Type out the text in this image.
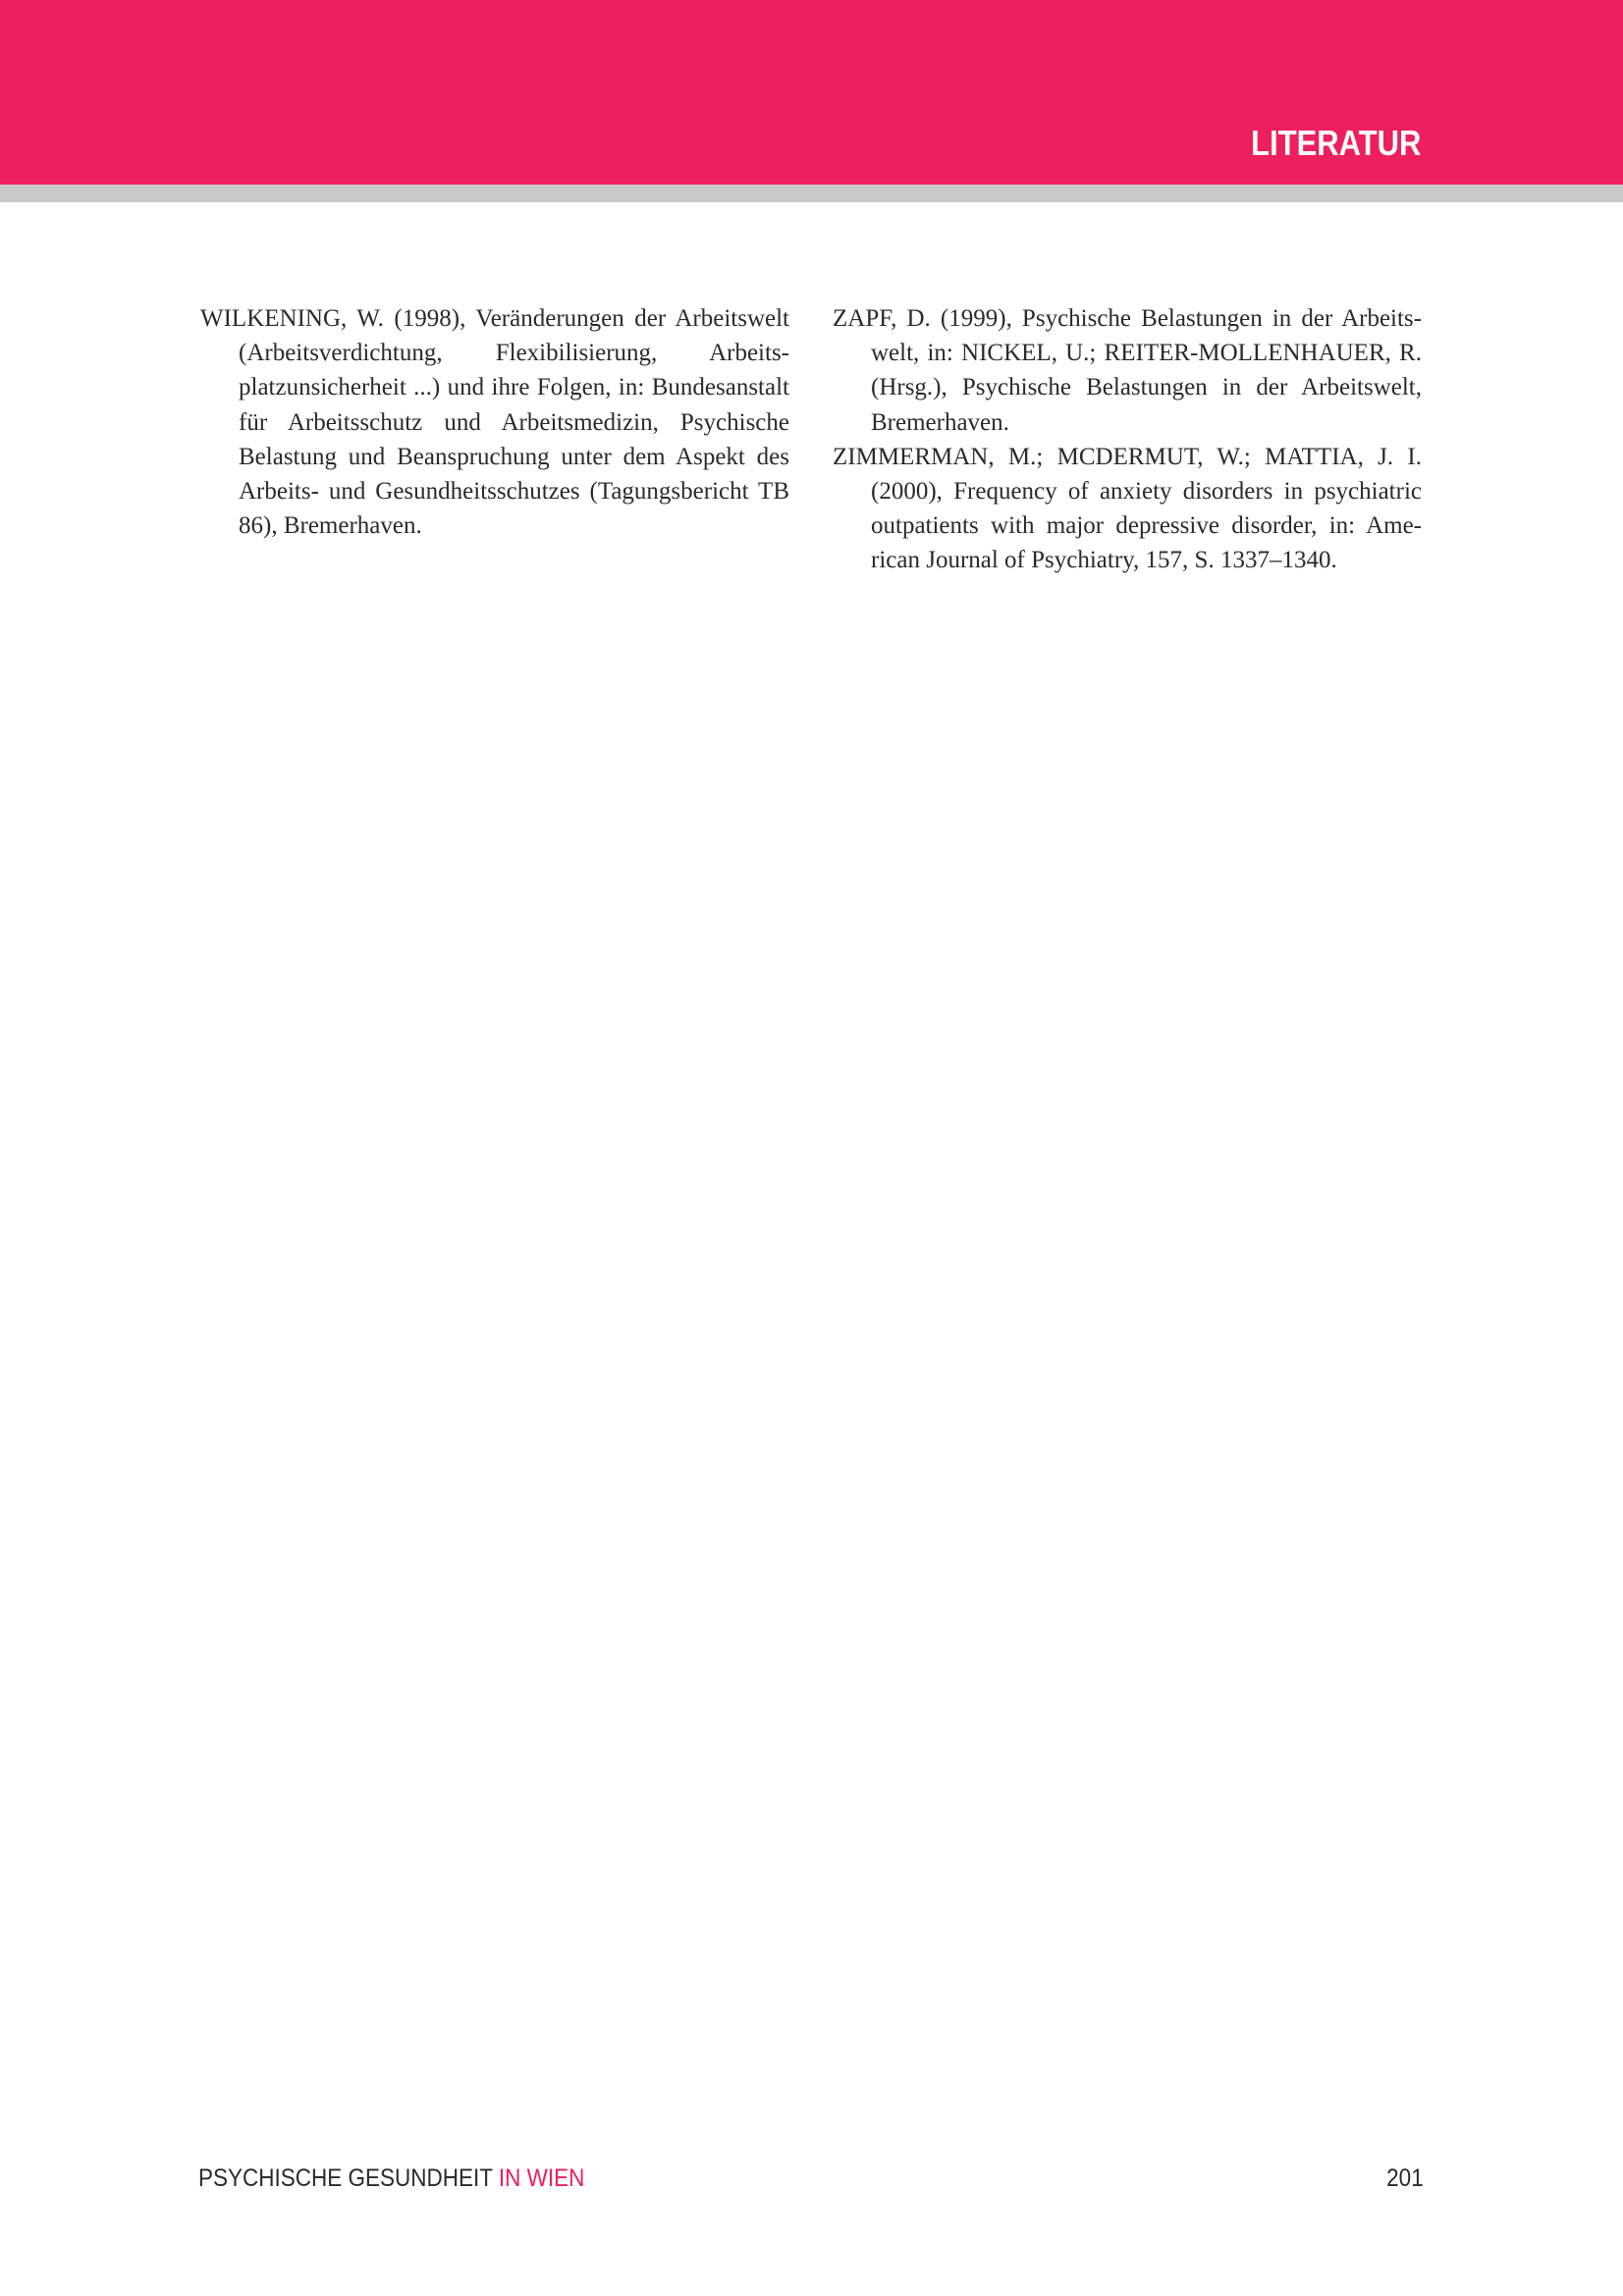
LITERATUR

WILKENING, W. (1998), Veränderungen der Arbeitswelt (Arbeitsverdichtung, Flexibilisierung, Arbeitsplatzunsicherheit ...) und ihre Folgen, in: Bundesanstalt für Arbeitsschutz und Arbeitsmedizin, Psychische Belastung und Beanspruchung unter dem Aspekt des Arbeits- und Gesundheitsschutzes (Tagungsbericht TB 86), Bremerhaven.

ZAPF, D. (1999), Psychische Belastungen in der Arbeitswelt, in: NICKEL, U.; REITER-MOLLENHAUER, R. (Hrsg.), Psychische Belastungen in der Arbeitswelt, Bremerhaven.

ZIMMERMAN, M.; MCDERMUT, W.; MATTIA, J. I. (2000), Frequency of anxiety disorders in psychiatric outpatients with major depressive disorder, in: American Journal of Psychiatry, 157, S. 1337–1340.

PSYCHISCHE GESUNDHEIT IN WIEN	201
